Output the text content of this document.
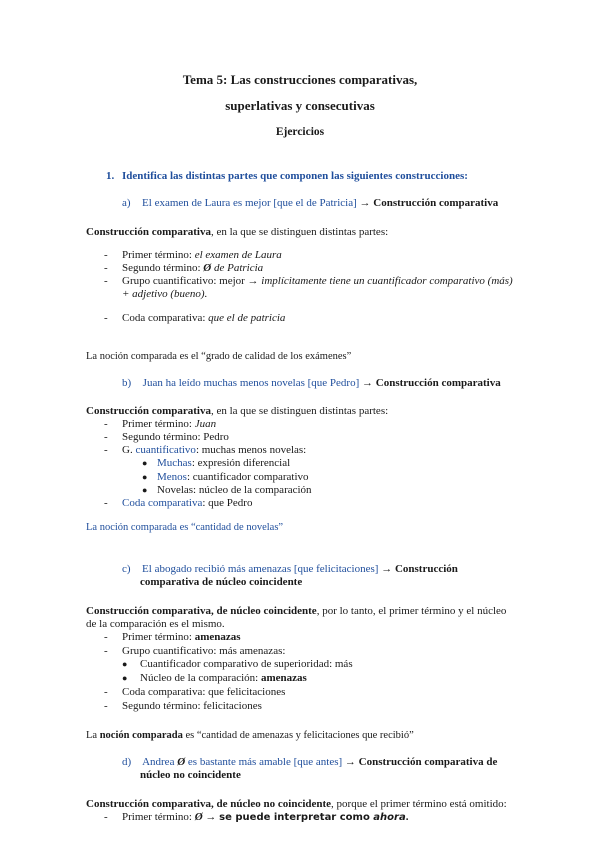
Tema 5: Las construcciones comparativas,
superlativas y consecutivas
Ejercicios
1. Identifica las distintas partes que componen las siguientes construcciones:
a) El examen de Laura es mejor [que el de Patricia] → Construcción comparativa
Construcción comparativa, en la que se distinguen distintas partes:
- Primer término: el examen de Laura
- Segundo término: Ø de Patricia
- Grupo cuantificativo: mejor → implícitamente tiene un cuantificador comparativo (más)
+ adjetivo (bueno).
- Coda comparativa: que el de patricia
La noción comparada es el “grado de calidad de los exámenes”
b) Juan ha leído muchas menos novelas [que Pedro] → Construcción comparativa
Construcción comparativa, en la que se distinguen distintas partes:
- Primer término: Juan
- Segundo término: Pedro
- G. cuantificativo: muchas menos novelas:
● Muchas: expresión diferencial
● Menos: cuantificador comparativo
● Novelas: núcleo de la comparación
- Coda comparativa: que Pedro
La noción comparada es “cantidad de novelas”
c) El abogado recibió más amenazas [que felicitaciones] → Construcción
comparativa de núcleo coincidente
Construcción comparativa, de núcleo coincidente, por lo tanto, el primer término y el núcleo
de la comparación es el mismo.
- Primer término: amenazas
- Grupo cuantificativo: más amenazas:
● Cuantificador comparativo de superioridad: más
● Núcleo de la comparación: amenazas
- Coda comparativa: que felicitaciones
- Segundo término: felicitaciones
La noción comparada es “cantidad de amenazas y felicitaciones que recibió”
d) Andrea Ø es bastante más amable [que antes] → Construcción comparativa de
núcleo no coincidente
Construcción comparativa, de núcleo no coincidente, porque el primer término está omitido:
- Primer término: Ø → se puede interpretar como ahora.
